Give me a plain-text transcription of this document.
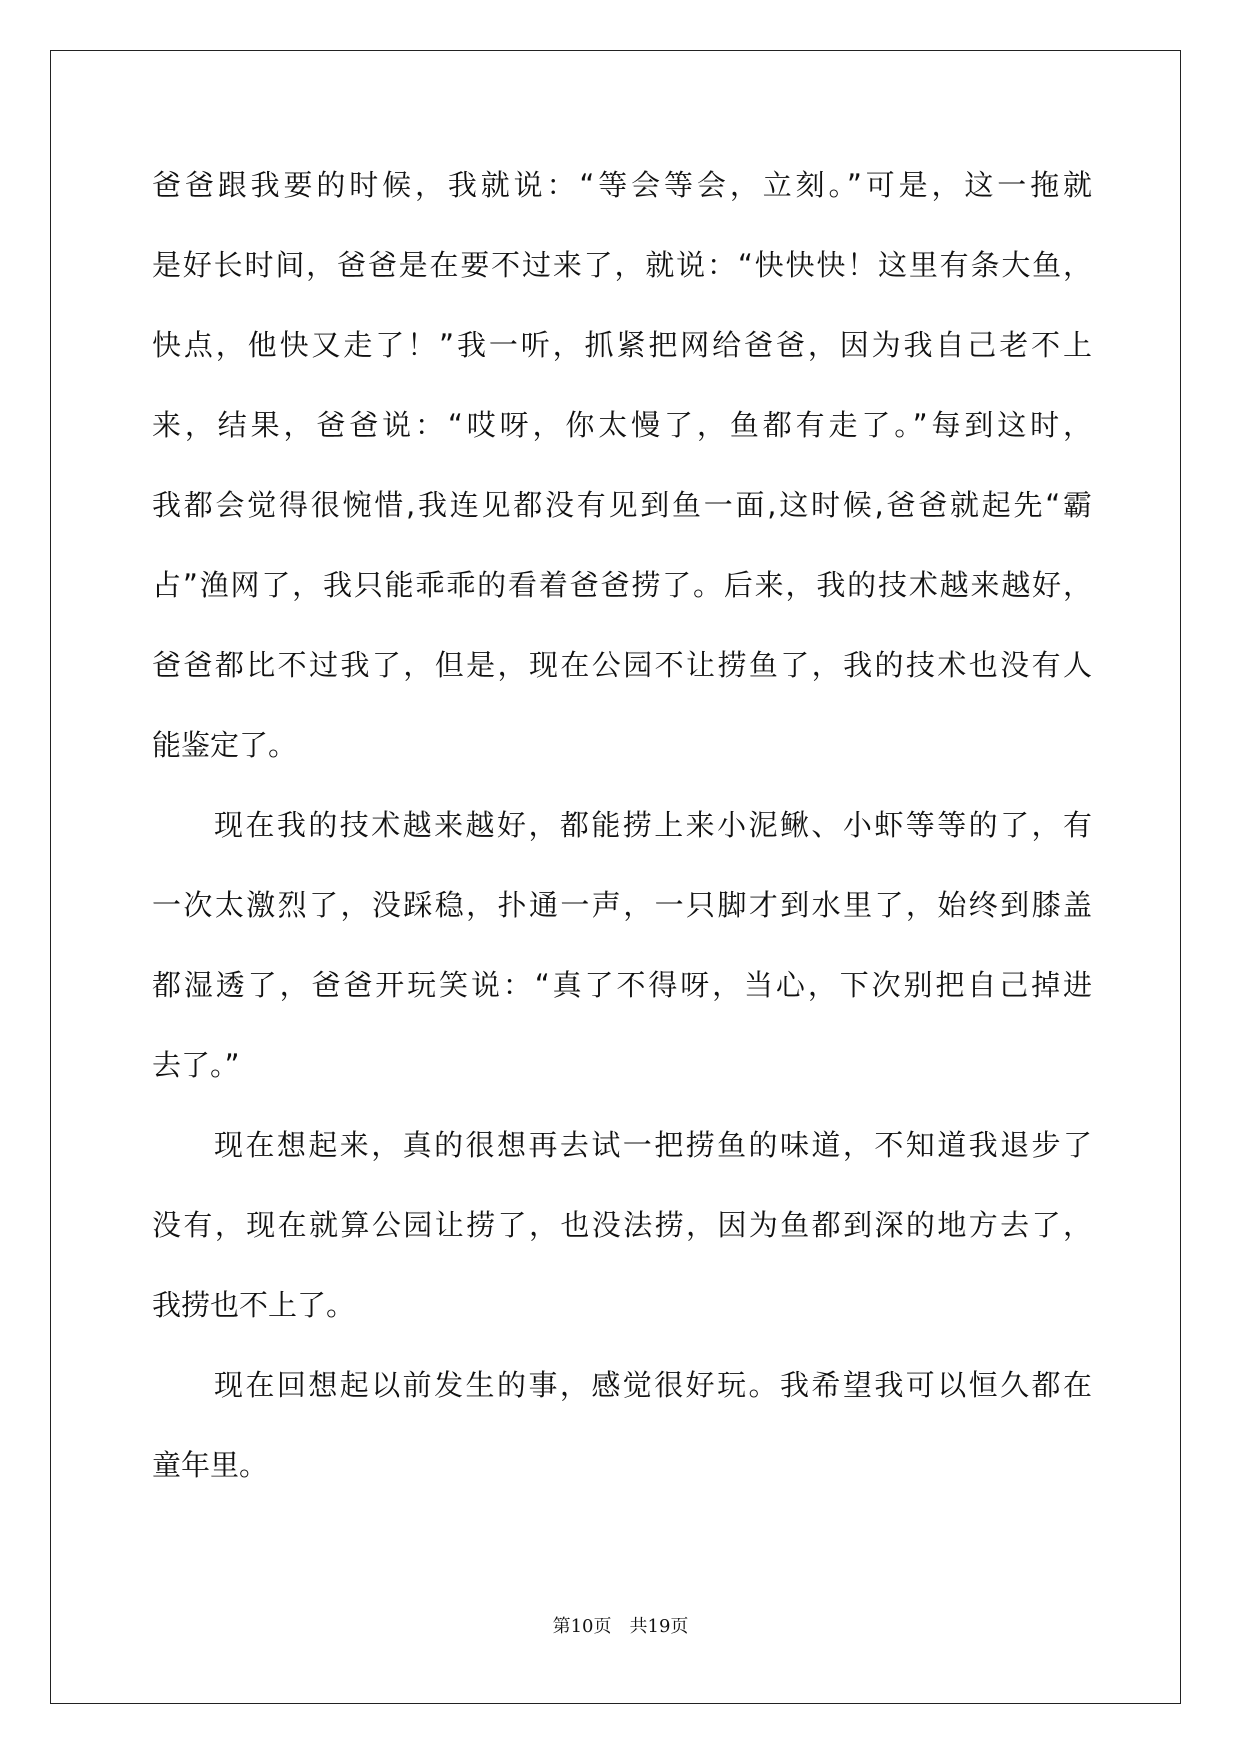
爸爸跟我要的时候，我就说：“等会等会，立刻。”可是，这一拖就
是好长时间，爸爸是在要不过来了，就说：“快快快！这里有条大鱼，
快点，他快又走了！”我一听，抓紧把网给爸爸，因为我自己老不上
来，结果，爸爸说：“哎呀，你太慢了，鱼都有走了。”每到这时，
我都会觉得很惋惜,我连见都没有见到鱼一面,这时候,爸爸就起先“霸
占”渔网了，我只能乖乖的看着爸爸捞了。后来，我的技术越来越好，
爸爸都比不过我了，但是，现在公园不让捞鱼了，我的技术也没有人
能鉴定了。
现在我的技术越来越好，都能捞上来小泥鳅、小虾等等的了，有
一次太激烈了，没踩稳，扑通一声，一只脚才到水里了，始终到膝盖
都湿透了，爸爸开玩笑说：“真了不得呀，当心，下次别把自己掉进
去了。”
现在想起来，真的很想再去试一把捞鱼的味道，不知道我退步了
没有，现在就算公园让捞了，也没法捞，因为鱼都到深的地方去了，
我捞也不上了。
现在回想起以前发生的事，感觉很好玩。我希望我可以恒久都在
童年里。
第10页　共19页
